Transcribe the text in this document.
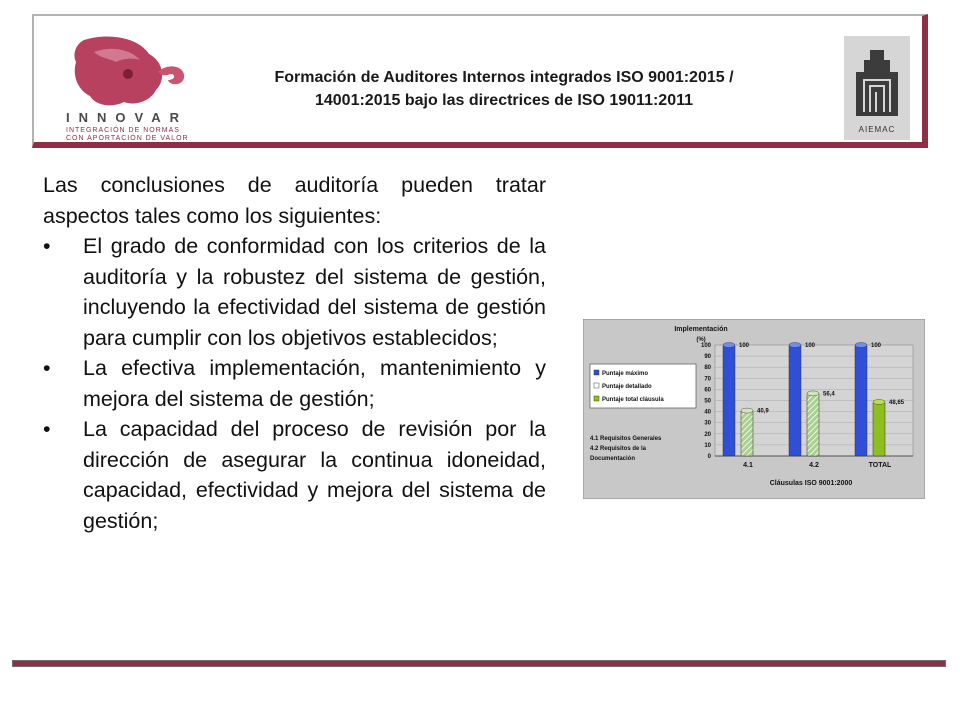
INNOVAR
INTEGRACIÓN DE NORMAS
CON APORTACIÓN DE VALOR
Formación de Auditores Internos integrados ISO 9001:2015 /
14001:2015 bajo las directrices de ISO 19011:2011
AIEMAC

Las conclusiones de auditoría pueden tratar aspectos tales como los siguientes:

• El grado de conformidad con los criterios de la auditoría y la robustez del sistema de gestión, incluyendo la efectividad del sistema de gestión para cumplir con los objetivos establecidos;
• La efectiva implementación, mantenimiento y mejora del sistema de gestión;
• La capacidad del proceso de revisión por la dirección de asegurar la continua idoneidad, capacidad, efectividad y mejora del sistema de gestión;
Implementación
(%)
Cláusulas ISO 9001:2000
Puntaje máximo
Puntaje detallado
Puntaje total cláusula
4.1 Requisitos Generales
4.2 Requisitos de la
Documentación	0
10
20
30
40
50
60
70
80
90
100
4.1
100
40,9
4.2
100
56,4
TOTAL
100
48,65
